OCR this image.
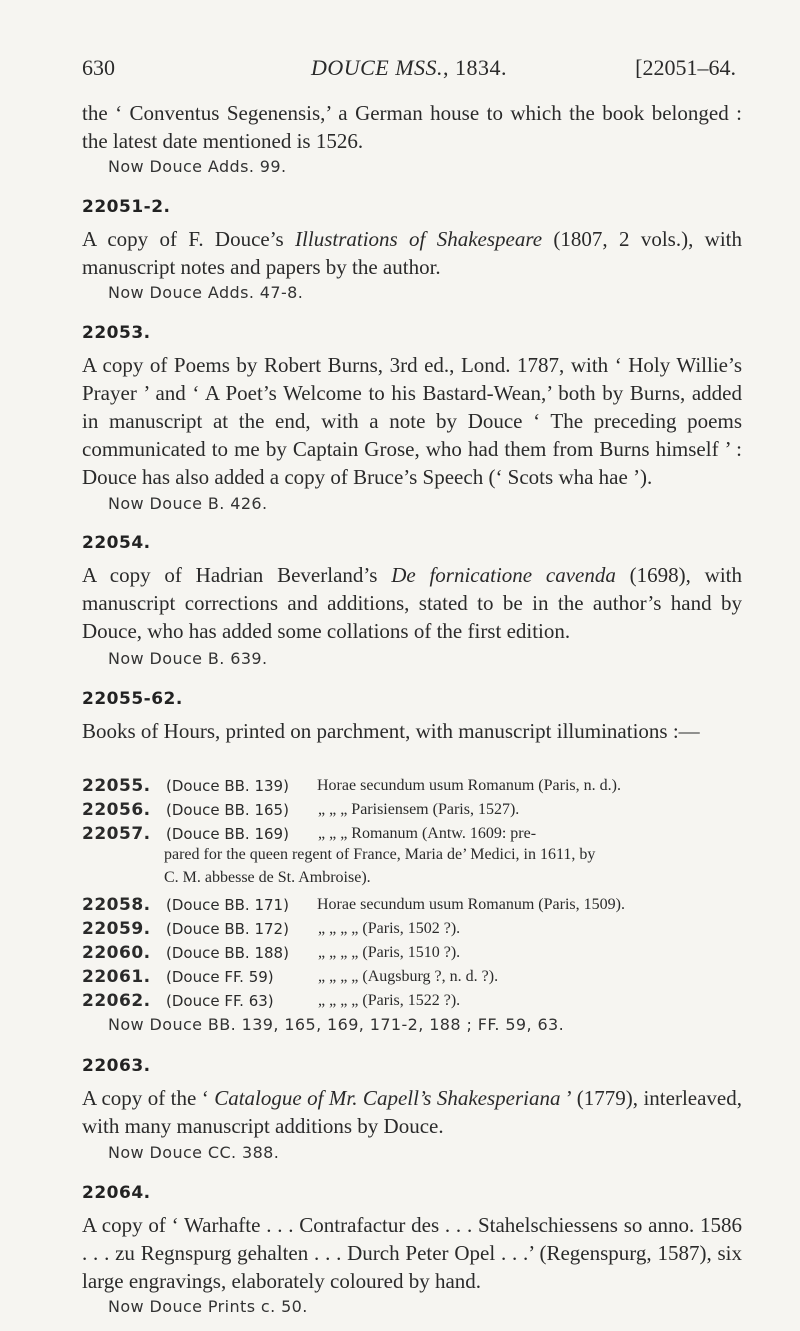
630	DOUCE MSS., 1834.	[22051–64.
the ‘ Conventus Segenensis,’ a German house to which the book belonged : the latest date mentioned is 1526.
Now Douce Adds. 99.
22051-2.
A copy of F. Douce’s Illustrations of Shakespeare (1807, 2 vols.), with manuscript notes and papers by the author.
Now Douce Adds. 47-8.
22053.
A copy of Poems by Robert Burns, 3rd ed., Lond. 1787, with ‘ Holy Willie’s Prayer ’ and ‘ A Poet’s Welcome to his Bastard-Wean,’ both by Burns, added in manuscript at the end, with a note by Douce ‘ The preceding poems communicated to me by Captain Grose, who had them from Burns himself ’ : Douce has also added a copy of Bruce’s Speech (‘ Scots wha hae ’).
Now Douce B. 426.
22054.
A copy of Hadrian Beverland’s De fornicatione cavenda (1698), with manuscript corrections and additions, stated to be in the author’s hand by Douce, who has added some collations of the first edition.
Now Douce B. 639.
22055-62.
Books of Hours, printed on parchment, with manuscript illuminations :—
22055. (Douce BB. 139) Horae secundum usum Romanum (Paris, n. d.).
22056. (Douce BB. 165) „ „ „ Parisiensem (Paris, 1527).
22057. (Douce BB. 169) „ „ „ Romanum (Antw. 1609: pre-
pared for the queen regent of France, Maria de’ Medici, in 1611, by
C. M. abbesse de St. Ambroise).
22058. (Douce BB. 171) Horae secundum usum Romanum (Paris, 1509).
22059. (Douce BB. 172) „ „ „ „ (Paris, 1502 ?).
22060. (Douce BB. 188) „ „ „ „ (Paris, 1510 ?).
22061. (Douce FF. 59)	„ „ „ „ (Augsburg ?, n. d. ?).
22062. (Douce FF. 63)	„ „ „ „ (Paris, 1522 ?).
Now Douce BB. 139, 165, 169, 171-2, 188 ; FF. 59, 63.
22063.
A copy of the ‘ Catalogue of Mr. Capell’s Shakesperiana ’ (1779), interleaved, with many manuscript additions by Douce.
Now Douce CC. 388.
22064.
A copy of ‘ Warhafte . . . Contrafactur des . . . Stahelschiessens so anno. 1586 . . . zu Regnspurg gehalten . . . Durch Peter Opel . . .’ (Regenspurg, 1587), six large engravings, elaborately coloured by hand.
Now Douce Prints c. 50.
